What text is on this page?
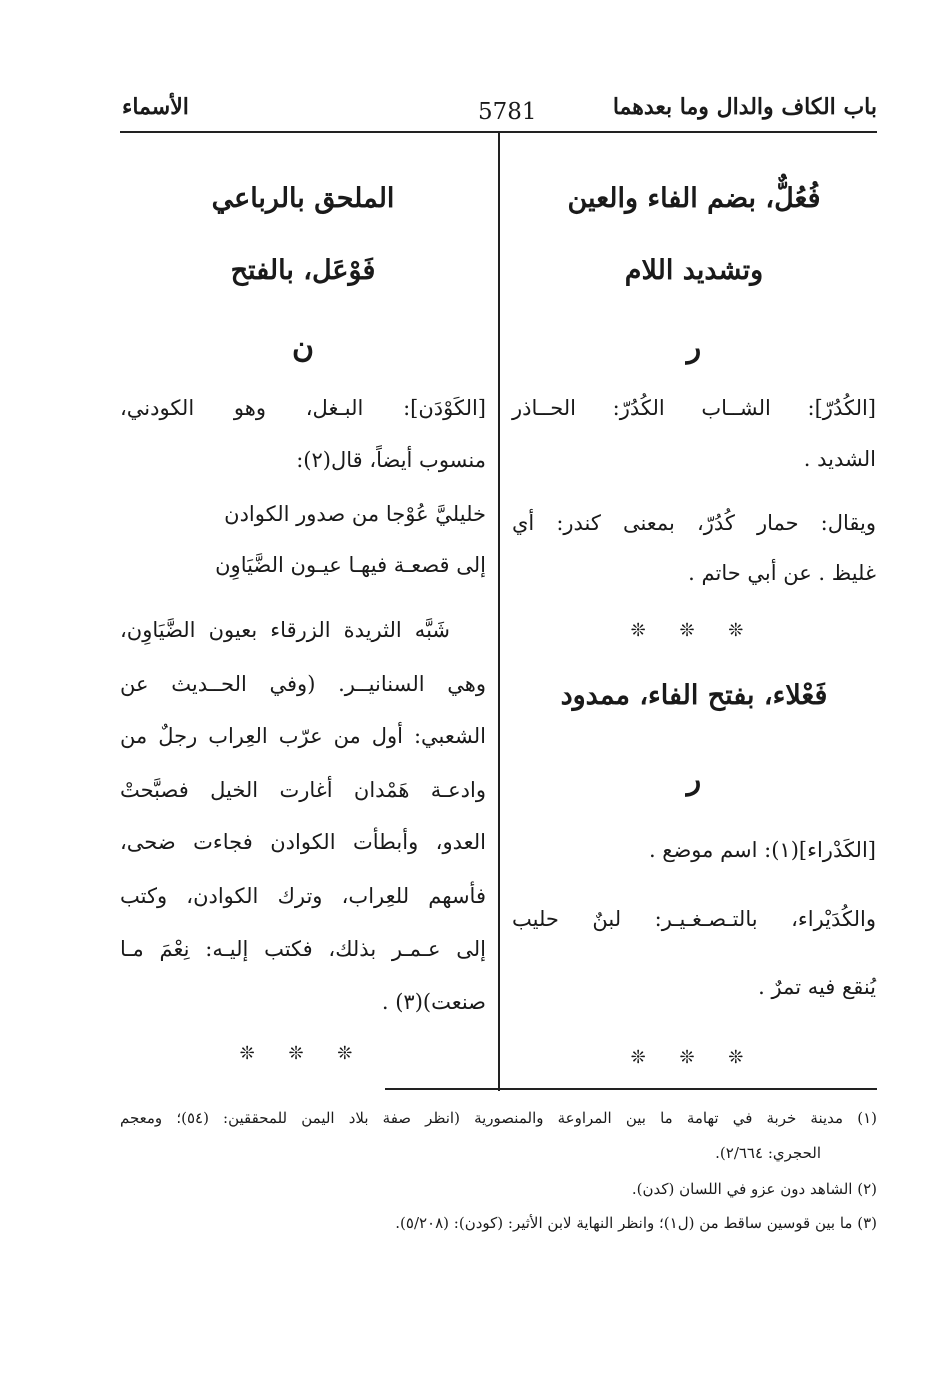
باب الكاف والدال وما بعدهما
5781
الأسماء
فُعُلٌّ، بضم الفاء والعين
وتشديد اللام
ر
[الكُدُرّ]: الشــاب الكُدُرّ: الحــاذر
الشديد .
ويقال: حمار كُدُرّ، بمعنى كندر: أي
غليظ . عن أبي حاتم .
❊ ❊ ❊
فَعْلاء، بفتح الفاء، ممدود
ر
[الكَدْراء](١): اسم موضع .
والكُدَيْراء، بالتـصـغـيـر: لبنٌ حليب
يُنقع فيه تمرٌ .
❊ ❊ ❊
الملحق بالرباعي
فَوْعَل، بالفتح
ن
[الكَوْدَن]: البـغل، وهو الكودني،
منسوب أيضاً، قال(٢):
خليليَّ عُوْجا من صدور الكوادن
إلى قصعـة فيهـا عيـون الضَّيَاوِن
شَبَّه الثريدة الزرقاء بعيون الضَّيَاوِن،
وهي السنانيــر. (وفي الحــديث عن
الشعبي: أول من عرّب العِراب رجلٌ من
وادعـة هَمْدان أغارت الخيل فصبَّحتْ
العدو، وأبطأت الكوادن فجاءت ضحى،
فأسهم للعِراب، وترك الكوادن، وكتب
إلى عـمـر بذلك، فكتب إليـه: نِعْمَ مـا
صنعت)(٣) .
❊ ❊ ❊
(١) مدينة خربة في تهامة ما بين المراوعة والمنصورية (انظر صفة بلاد اليمن للمحققين: (٥٤)؛ ومعجم
الحجري: ٢/٦٦٤).
(٢) الشاهد دون عزو في اللسان (كدن).
(٣) ما بين قوسين ساقط من (ل١)؛ وانظر النهاية لابن الأثير: (كودن): (٥/٢٠٨).
